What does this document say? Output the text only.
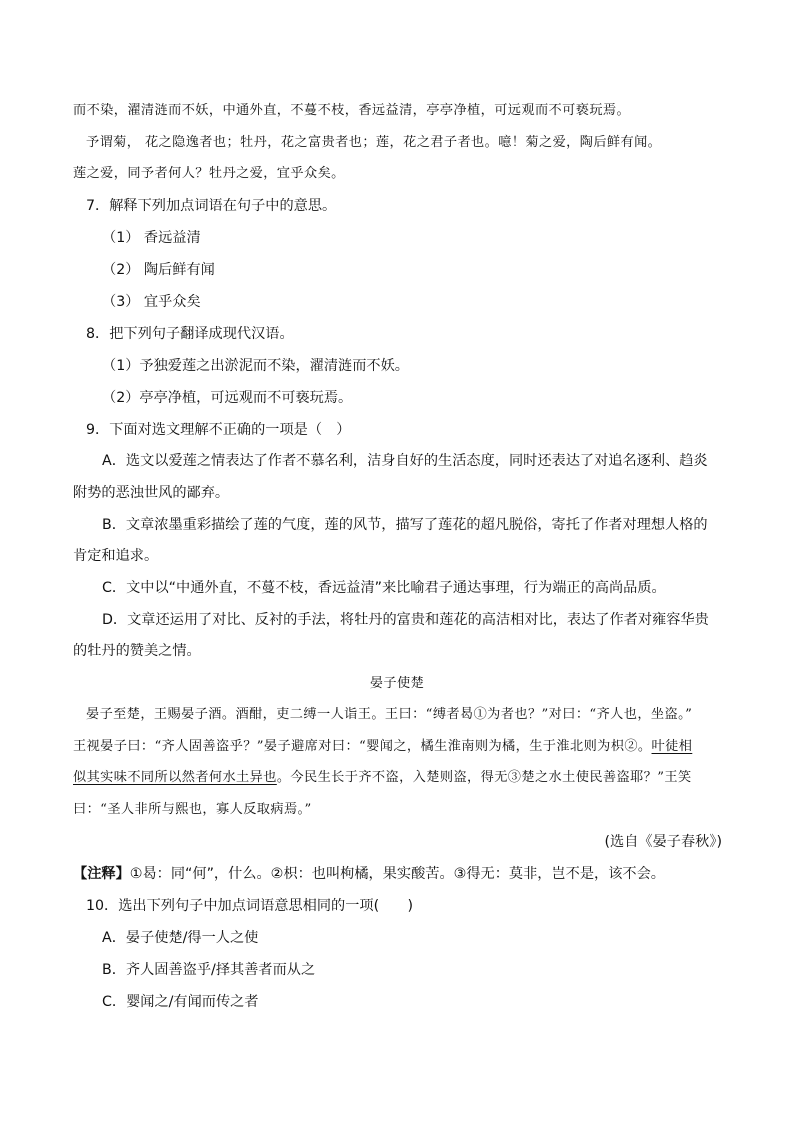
而不染，濯清涟而不妖，中通外直，不蔓不枝，香远益清，亭亭净植，可远观而不可亵玩焉。
予谓菊， 花之隐逸者也；牡丹，花之富贵者也；莲，花之君子者也。噫！菊之爱，陶后鲜有闻。
莲之爱，同予者何人？牡丹之爱，宜乎众矣。
7．解释下列加点词语在句子中的意思。
（1） 香远益清
（2） 陶后鲜有闻
（3） 宜乎众矣
8．把下列句子翻译成现代汉语。
（1）予独爱莲之出淤泥而不染，濯清涟而不妖。
（2）亭亭净植，可远观而不可亵玩焉。
9．下面对选文理解不正确的一项是（　）
A．选文以爱莲之情表达了作者不慕名利，洁身自好的生活态度，同时还表达了对追名逐利、趋炎
附势的恶浊世风的鄙弃。
B．文章浓墨重彩描绘了莲的气度，莲的风节，描写了莲花的超凡脱俗，寄托了作者对理想人格的
肯定和追求。
C．文中以“中通外直，不蔓不枝，香远益清”来比喻君子通达事理，行为端正的高尚品质。
D．文章还运用了对比、反衬的手法，将牡丹的富贵和莲花的高洁相对比，表达了作者对雍容华贵
的牡丹的赞美之情。
晏子使楚
晏子至楚，王赐晏子酒。酒酣，吏二缚一人诣王。王曰：“缚者曷①为者也？”对曰：“齐人也，坐盗。”
王视晏子曰：“齐人固善盗乎？”晏子避席对曰：“婴闻之，橘生淮南则为橘，生于淮北则为枳②。叶徒相
似其实味不同所以然者何水土异也。今民生长于齐不盗，入楚则盗，得无③楚之水土使民善盗耶？”王笑
曰：“圣人非所与熙也，寡人反取病焉。”
(选自《晏子春秋》)
【注释】①曷：同“何”，什么。②枳：也叫枸橘，果实酸苦。③得无：莫非，岂不是，该不会。
10．选出下列句子中加点词语意思相同的一项(　　)
A．晏子使楚/得一人之使
B．齐人固善盗乎/择其善者而从之
C．婴闻之/有闻而传之者
